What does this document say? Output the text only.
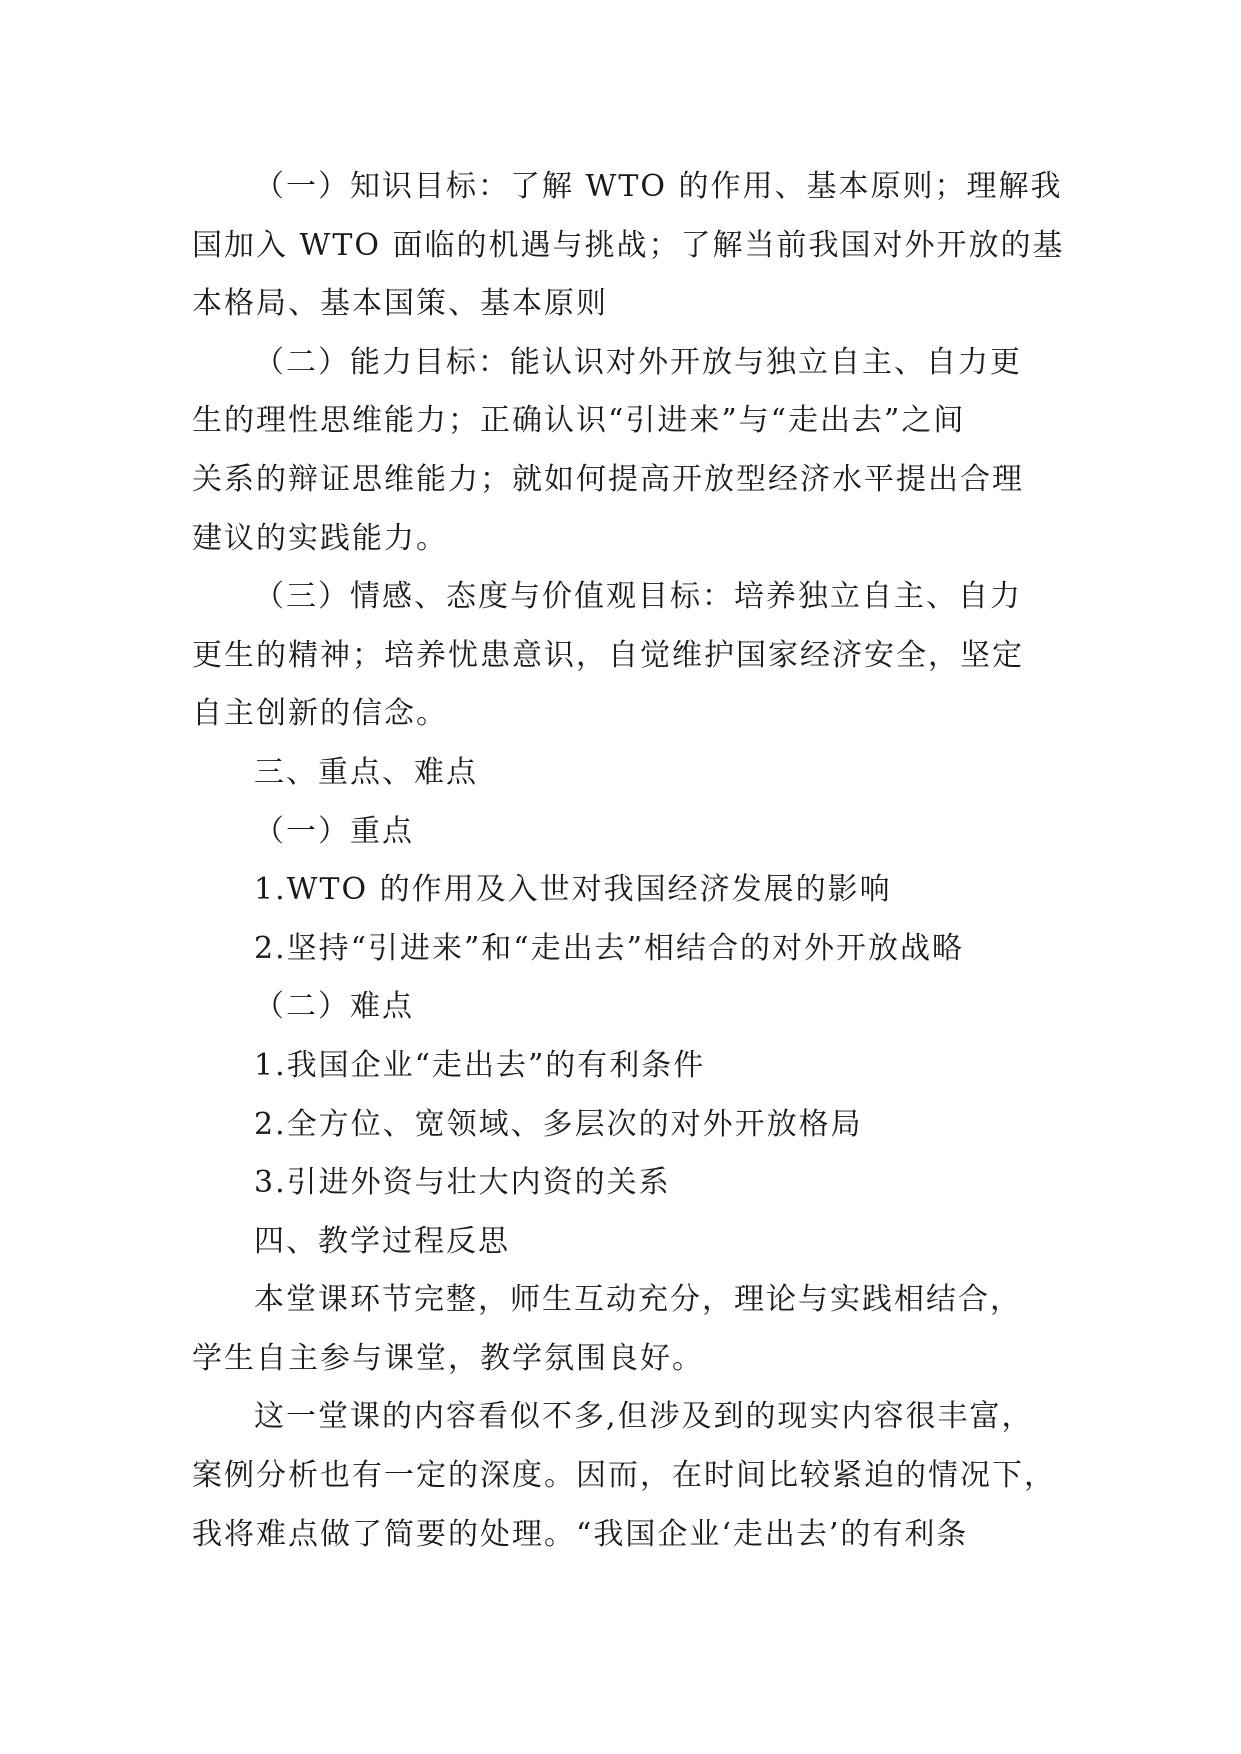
（一）知识目标：了解 WTO 的作用、基本原则；理解我
国加入 WTO 面临的机遇与挑战；了解当前我国对外开放的基
本格局、基本国策、基本原则

（二）能力目标：能认识对外开放与独立自主、自力更
生的理性思维能力；正确认识“引进来”与“走出去”之间
关系的辩证思维能力；就如何提高开放型经济水平提出合理
建议的实践能力。

（三）情感、态度与价值观目标：培养独立自主、自力
更生的精神；培养忧患意识，自觉维护国家经济安全，坚定
自主创新的信念。

三、重点、难点

（一）重点

1.WTO 的作用及入世对我国经济发展的影响

2.坚持“引进来”和“走出去”相结合的对外开放战略

（二）难点

1.我国企业“走出去”的有利条件

2.全方位、宽领域、多层次的对外开放格局

3.引进外资与壮大内资的关系

四、教学过程反思

本堂课环节完整，师生互动充分，理论与实践相结合，
学生自主参与课堂，教学氛围良好。

这一堂课的内容看似不多,但涉及到的现实内容很丰富，
案例分析也有一定的深度。因而，在时间比较紧迫的情况下，
我将难点做了简要的处理。“我国企业‘走出去’的有利条
